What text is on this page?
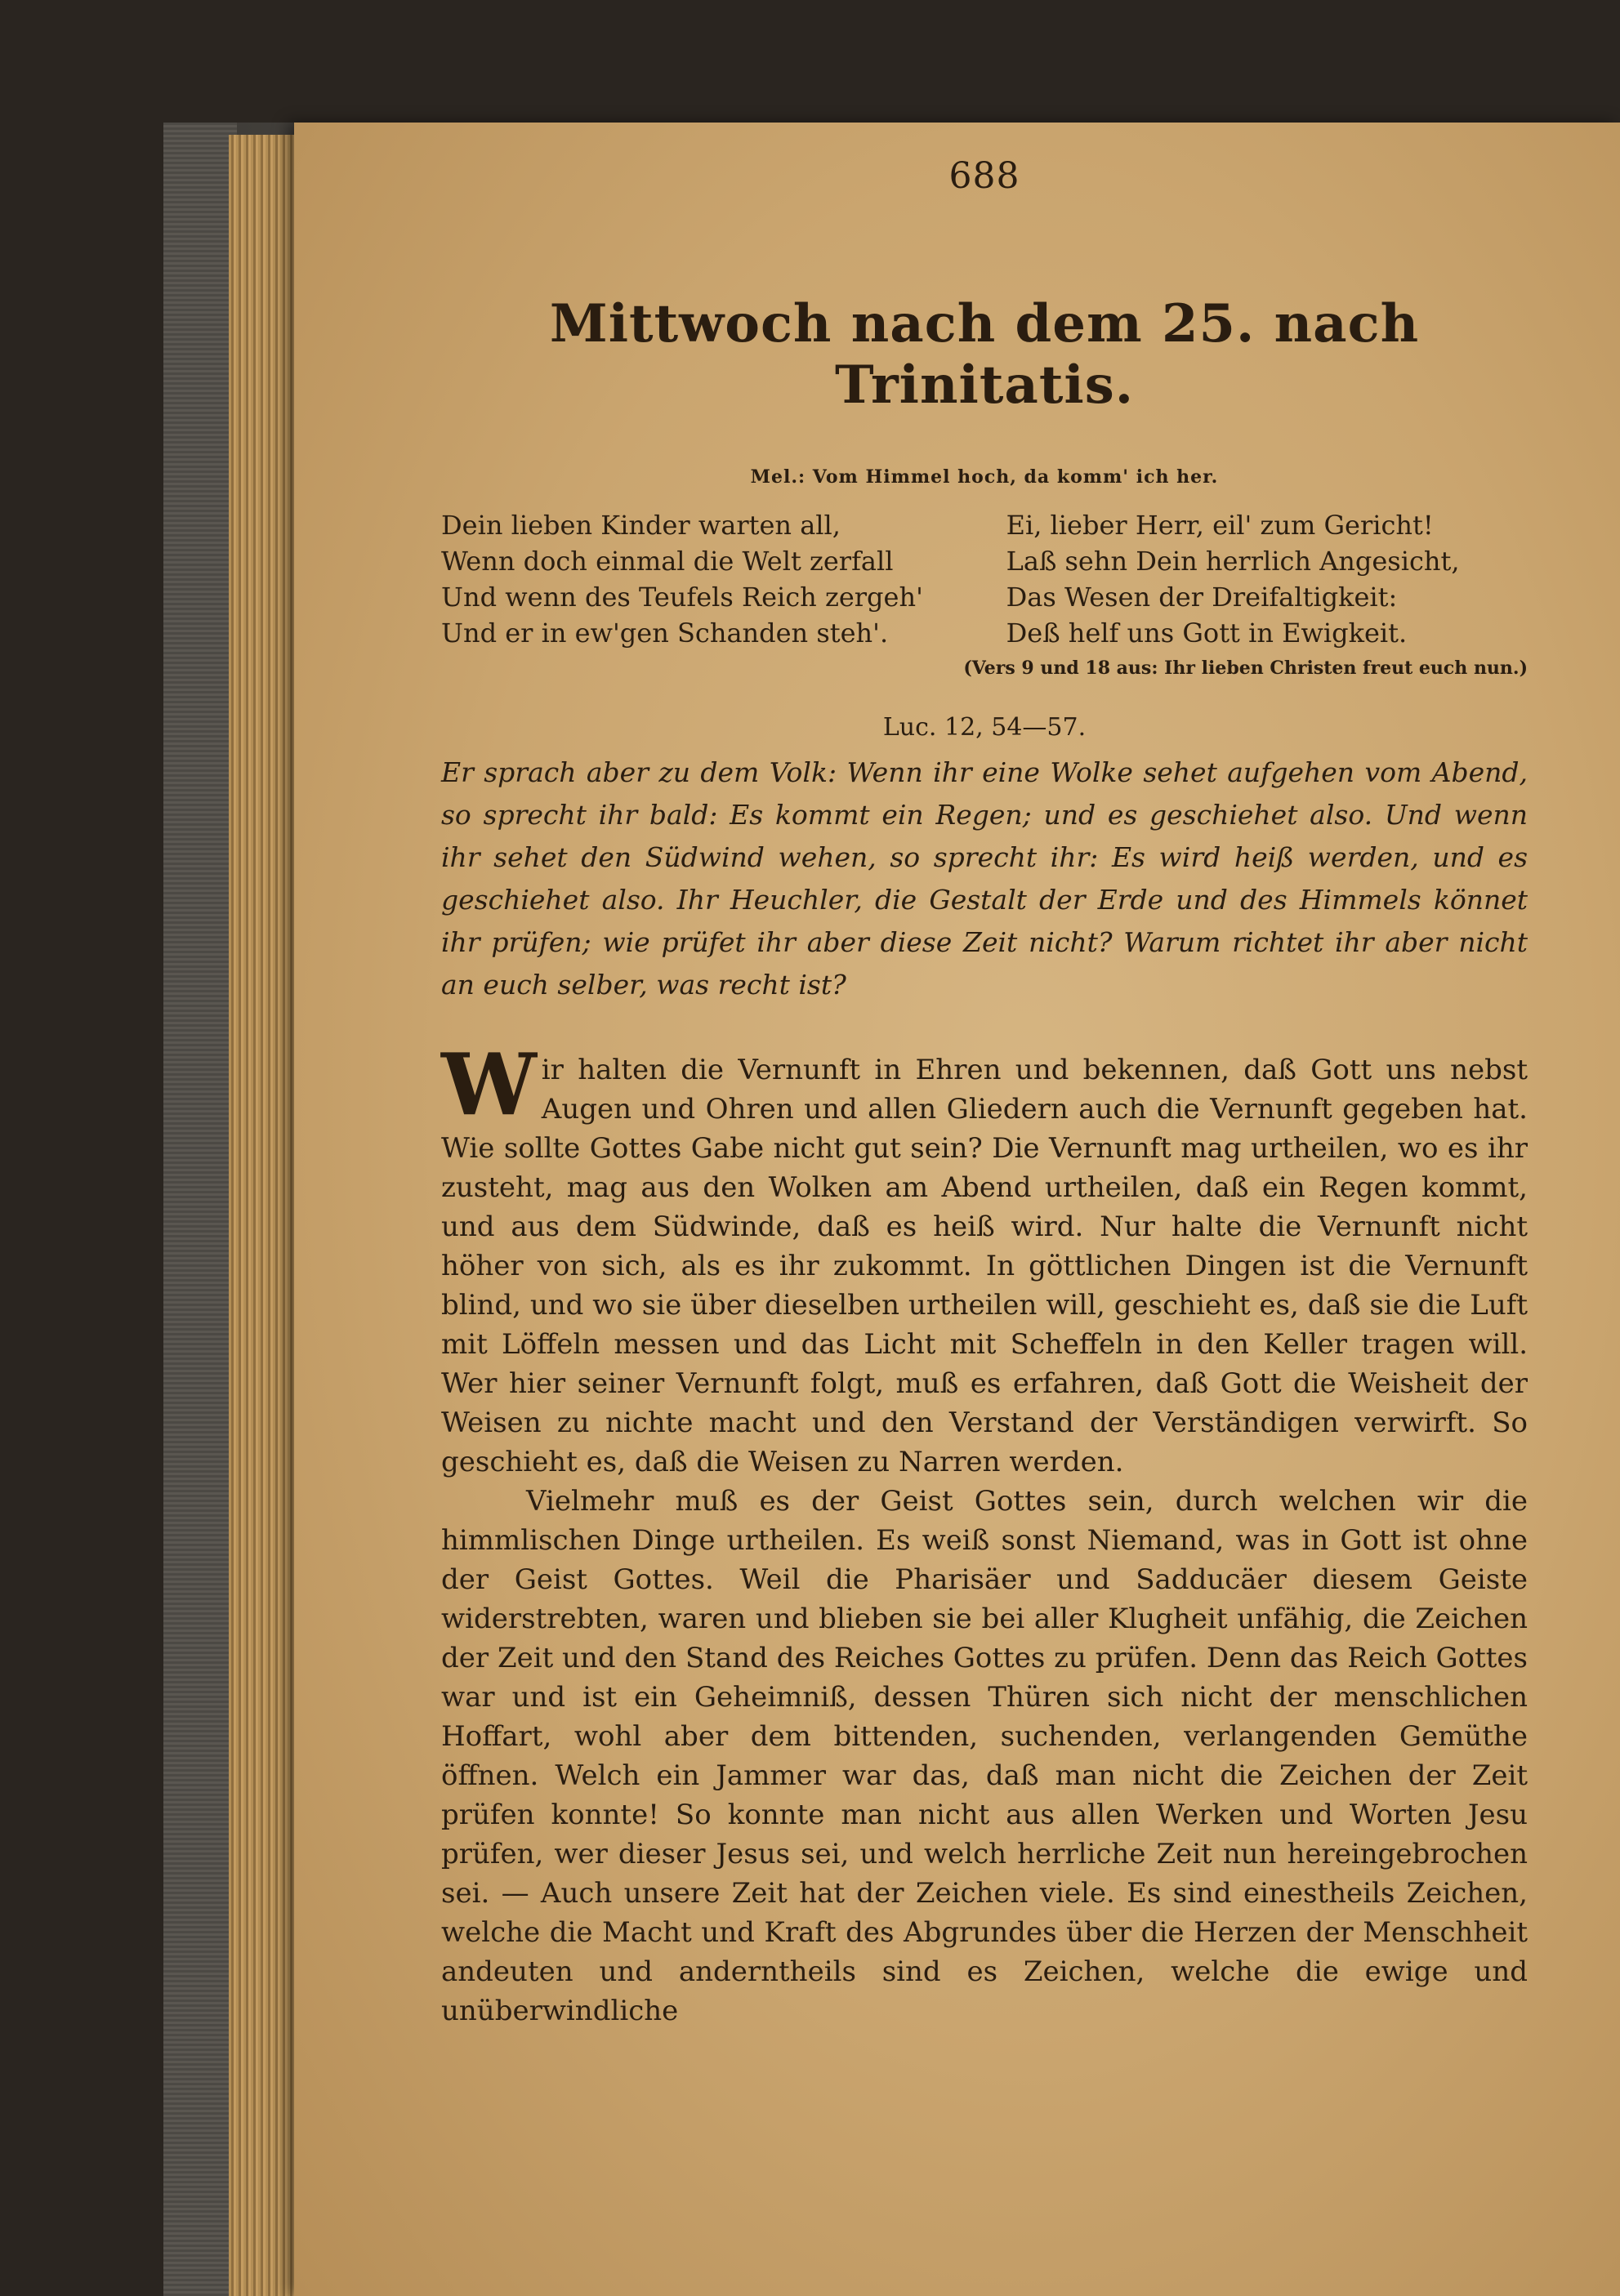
688
Mittwoch nach dem 25. nach Trinitatis.
Mel.: Vom Himmel hoch, da komm' ich her.
Dein lieben Kinder warten all,
Wenn doch einmal die Welt zerfall
Und wenn des Teufels Reich zergeh'
Und er in ew'gen Schanden steh'.
Ei, lieber Herr, eil' zum Gericht!
Laß sehn Dein herrlich Angesicht,
Das Wesen der Dreifaltigkeit:
Deß helf uns Gott in Ewigkeit.
(Vers 9 und 18 aus: Ihr lieben Christen freut euch nun.)
Luc. 12, 54—57.
Er sprach aber zu dem Volk: Wenn ihr eine Wolke sehet aufgehen vom Abend, so sprecht ihr bald: Es kommt ein Regen; und es geschiehet also. Und wenn ihr sehet den Südwind wehen, so sprecht ihr: Es wird heiß werden, und es geschiehet also. Ihr Heuchler, die Gestalt der Erde und des Himmels könnet ihr prüfen; wie prüfet ihr aber diese Zeit nicht? Warum richtet ihr aber nicht an euch selber, was recht ist?

Wir halten die Vernunft in Ehren und bekennen, daß Gott uns nebst Augen und Ohren und allen Gliedern auch die Vernunft gegeben hat. Wie sollte Gottes Gabe nicht gut sein? Die Vernunft mag urtheilen, wo es ihr zusteht, mag aus den Wolken am Abend urtheilen, daß ein Regen kommt, und aus dem Südwinde, daß es heiß wird. Nur halte die Vernunft nicht höher von sich, als es ihr zukommt. In göttlichen Dingen ist die Vernunft blind, und wo sie über dieselben urtheilen will, geschieht es, daß sie die Luft mit Löffeln messen und das Licht mit Scheffeln in den Keller tragen will. Wer hier seiner Vernunft folgt, muß es erfahren, daß Gott die Weisheit der Weisen zu nichte macht und den Verstand der Verständigen verwirft. So geschieht es, daß die Weisen zu Narren werden.

Vielmehr muß es der Geist Gottes sein, durch welchen wir die himmlischen Dinge urtheilen. Es weiß sonst Niemand, was in Gott ist ohne der Geist Gottes. Weil die Pharisäer und Sadducäer diesem Geiste widerstrebten, waren und blieben sie bei aller Klugheit unfähig, die Zeichen der Zeit und den Stand des Reiches Gottes zu prüfen. Denn das Reich Gottes war und ist ein Geheimniß, dessen Thüren sich nicht der menschlichen Hoffart, wohl aber dem bittenden, suchenden, verlangenden Gemüthe öffnen. Welch ein Jammer war das, daß man nicht die Zeichen der Zeit prüfen konnte! So konnte man nicht aus allen Werken und Worten Jesu prüfen, wer dieser Jesus sei, und welch herrliche Zeit nun hereingebrochen sei. — Auch unsere Zeit hat der Zeichen viele. Es sind einestheils Zeichen, welche die Macht und Kraft des Abgrundes über die Herzen der Menschheit andeuten und anderntheils sind es Zeichen, welche die ewige und unüberwindliche
